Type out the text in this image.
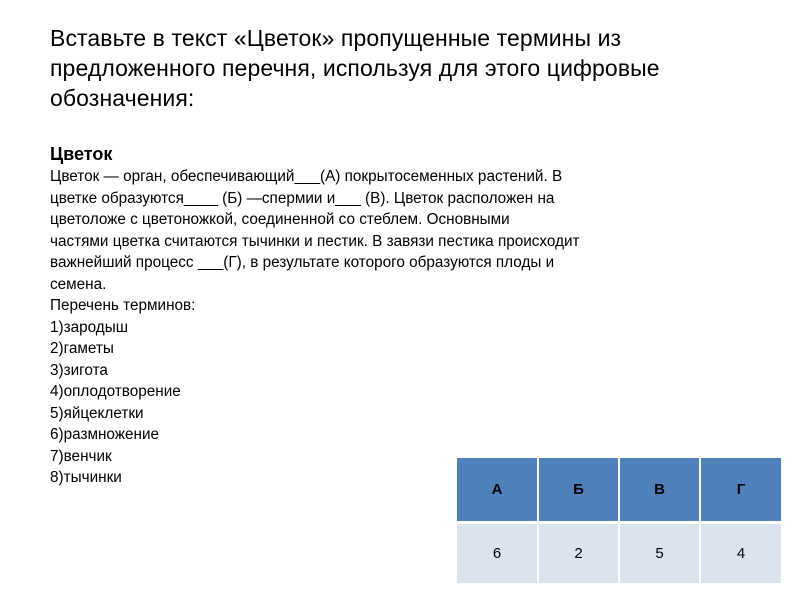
Вставьте в текст «Цветок» пропущенные термины из
предложенного перечня, используя для этого цифровые
обозначения:
Цветок

Цветок — орган, обеспечивающий___(А) покрытосеменных растений. В
цветке образуются____ (Б) —спермии и___ (В). Цветок расположен на
цветоложе с цветоножкой, соединенной со стеблем. Основными
частями цветка считаются тычинки и пестик. В завязи пестика происходит
важнейший процесс ___(Г), в результате которого образуются плоды и
семена.

Перечень терминов:

1)зародыш
2)гаметы
3)зигота
4)оплодотворение
5)яйцеклетки
6)размножение
7)венчик
8)тычинки
А	Б	В	Г
6	2	5	4
